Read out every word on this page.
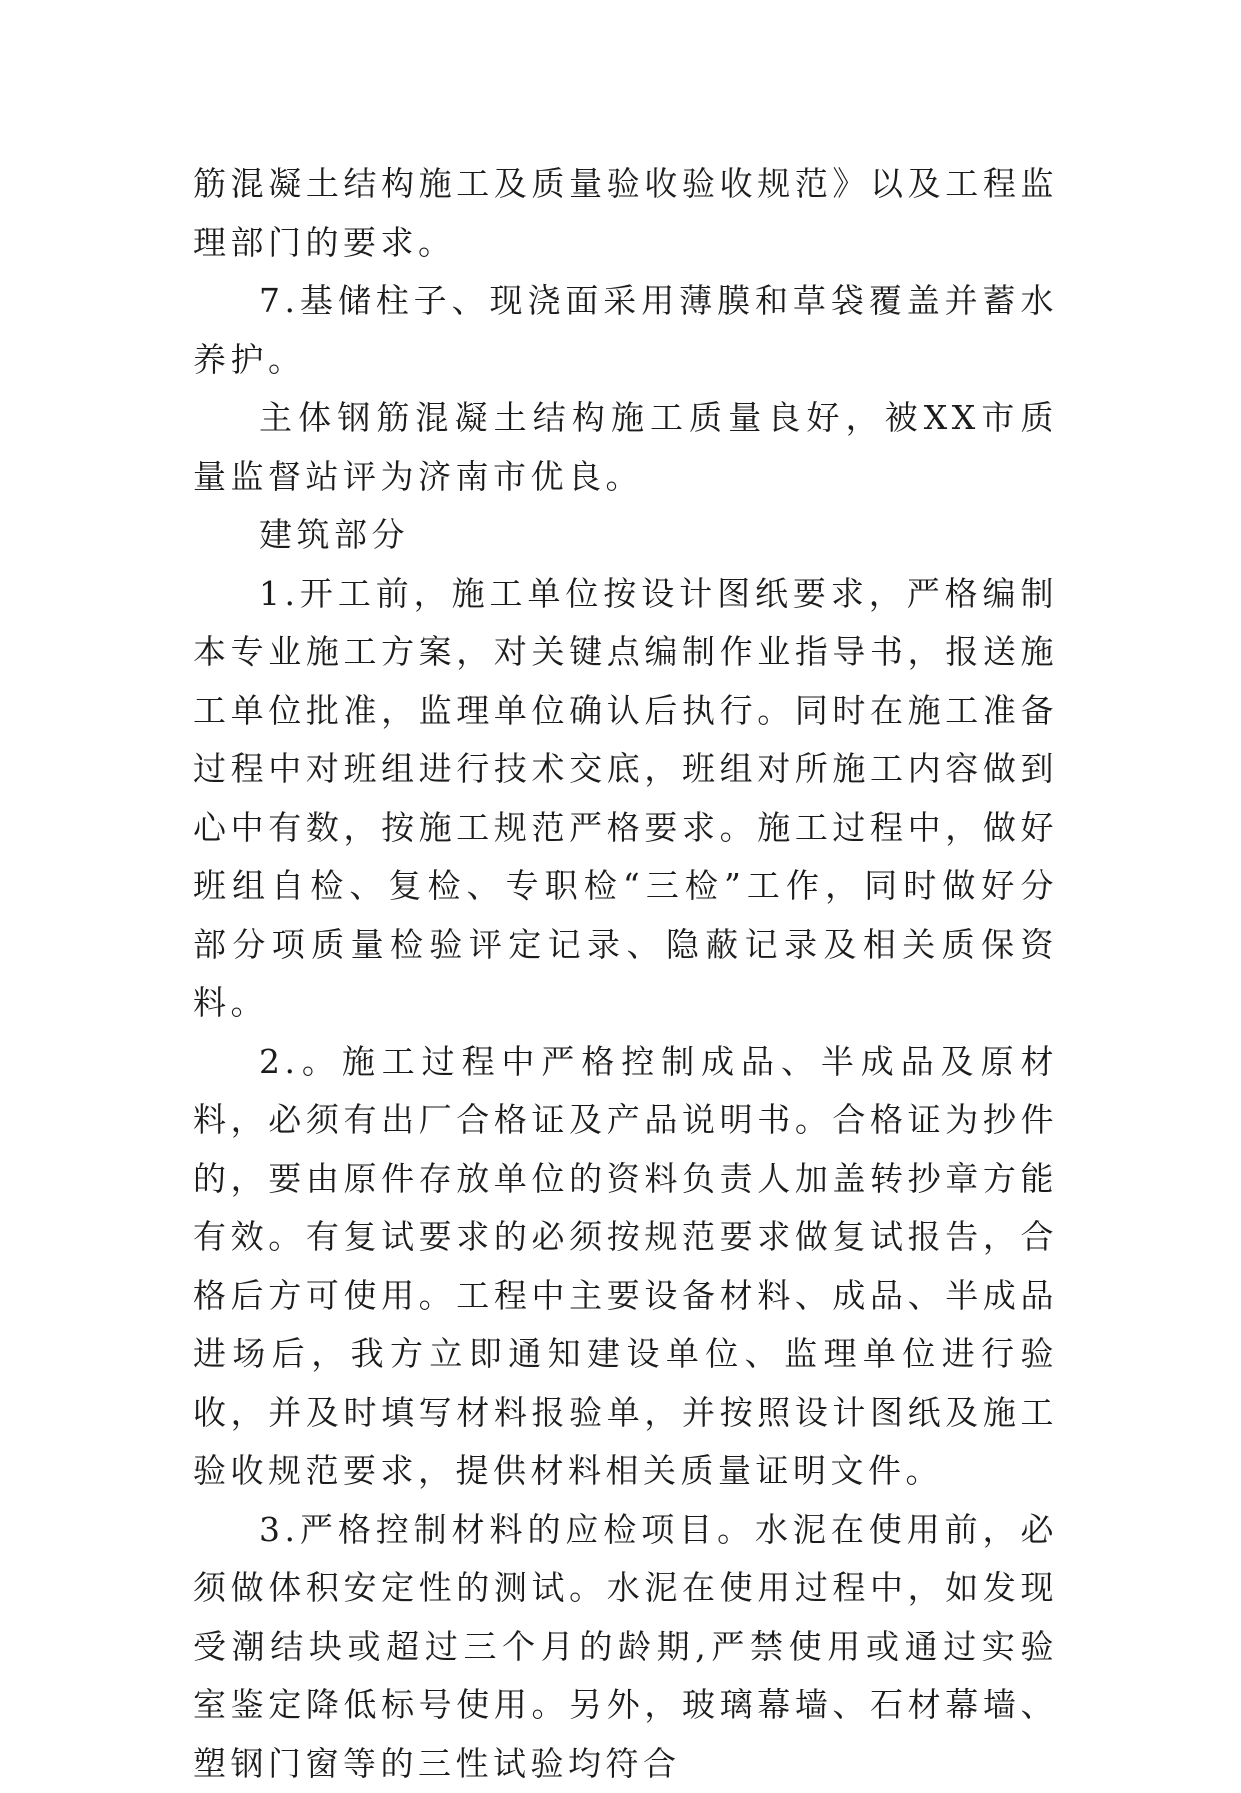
筋混凝土结构施工及质量验收验收规范》以及工程监理部门的要求。

7.基储柱子、现浇面采用薄膜和草袋覆盖并蓄水养护。

主体钢筋混凝土结构施工质量良好，被XX市质量监督站评为济南市优良。

建筑部分

1.开工前，施工单位按设计图纸要求，严格编制本专业施工方案，对关键点编制作业指导书，报送施工单位批准，监理单位确认后执行。同时在施工准备过程中对班组进行技术交底，班组对所施工内容做到心中有数，按施工规范严格要求。施工过程中，做好班组自检、复检、专职检“三检”工作，同时做好分部分项质量检验评定记录、隐蔽记录及相关质保资料。

2.。施工过程中严格控制成品、半成品及原材料，必须有出厂合格证及产品说明书。合格证为抄件的，要由原件存放单位的资料负责人加盖转抄章方能有效。有复试要求的必须按规范要求做复试报告，合格后方可使用。工程中主要设备材料、成品、半成品进场后，我方立即通知建设单位、监理单位进行验收，并及时填写材料报验单，并按照设计图纸及施工验收规范要求，提供材料相关质量证明文件。

3.严格控制材料的应检项目。水泥在使用前，必须做体积安定性的测试。水泥在使用过程中，如发现受潮结块或超过三个月的龄期,严禁使用或通过实验室鉴定降低标号使用。另外，玻璃幕墙、石材幕墙、塑钢门窗等的三性试验均符合
